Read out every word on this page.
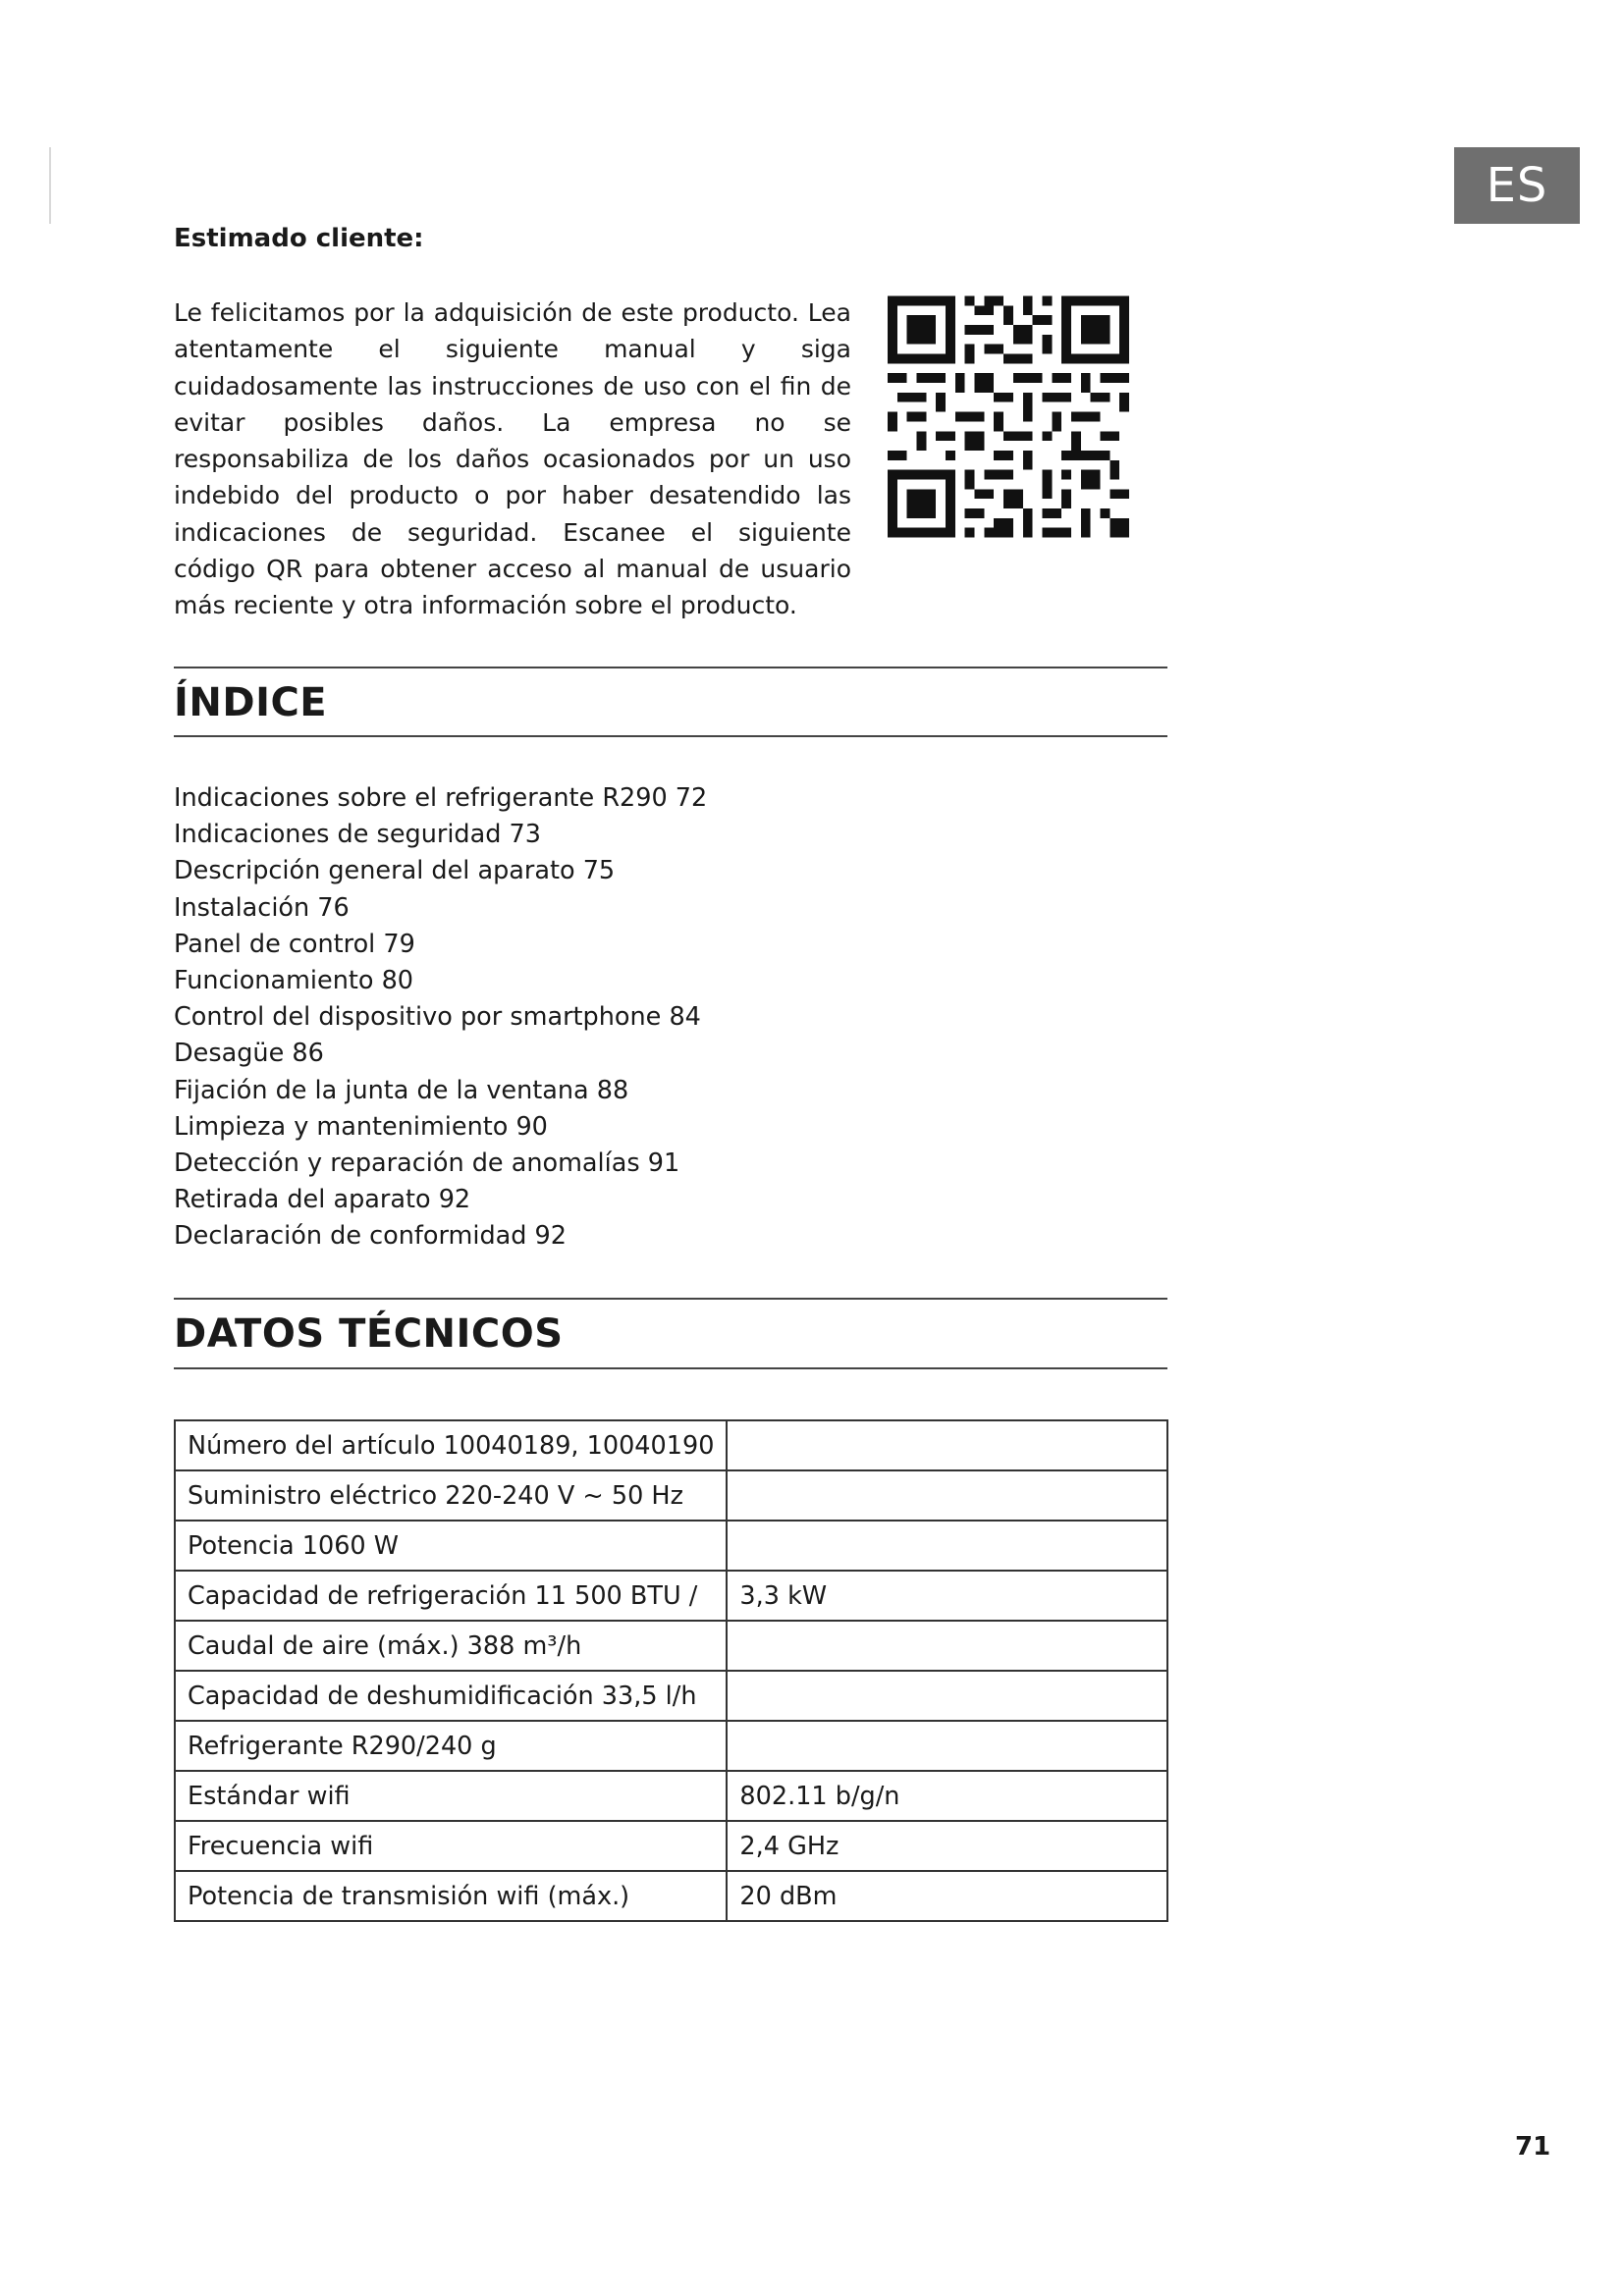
ES
Estimado cliente:
Le felicitamos por la adquisición de este producto. Lea atentamente el siguiente manual y siga cuidadosamente las instrucciones de uso con el fin de evitar posibles daños. La empresa no se responsabiliza de los daños ocasionados por un uso indebido del producto o por haber desatendido las indicaciones de seguridad. Escanee el siguiente código QR para obtener acceso al manual de usuario más reciente y otra información sobre el producto.
ÍNDICE
Indicaciones sobre el refrigerante R290 72
Indicaciones de seguridad 73
Descripción general del aparato 75
Instalación 76
Panel de control 79
Funcionamiento 80
Control del dispositivo por smartphone 84
Desagüe 86
Fijación de la junta de la ventana 88
Limpieza y mantenimiento 90
Detección y reparación de anomalías 91
Retirada del aparato 92
Declaración de conformidad 92
DATOS TÉCNICOS
Número del artículo 10040189, 10040190	
Suministro eléctrico 220-240 V ~ 50 Hz	
Potencia 1060 W	
Capacidad de refrigeración 11 500 BTU /	3,3 kW
Caudal de aire (máx.) 388 m³/h	
Capacidad de deshumidificación 33,5 l/h	
Refrigerante R290/240 g	
Estándar wifi	802.11 b/g/n
Frecuencia wifi	2,4 GHz
Potencia de transmisión wifi (máx.)	20 dBm
71
